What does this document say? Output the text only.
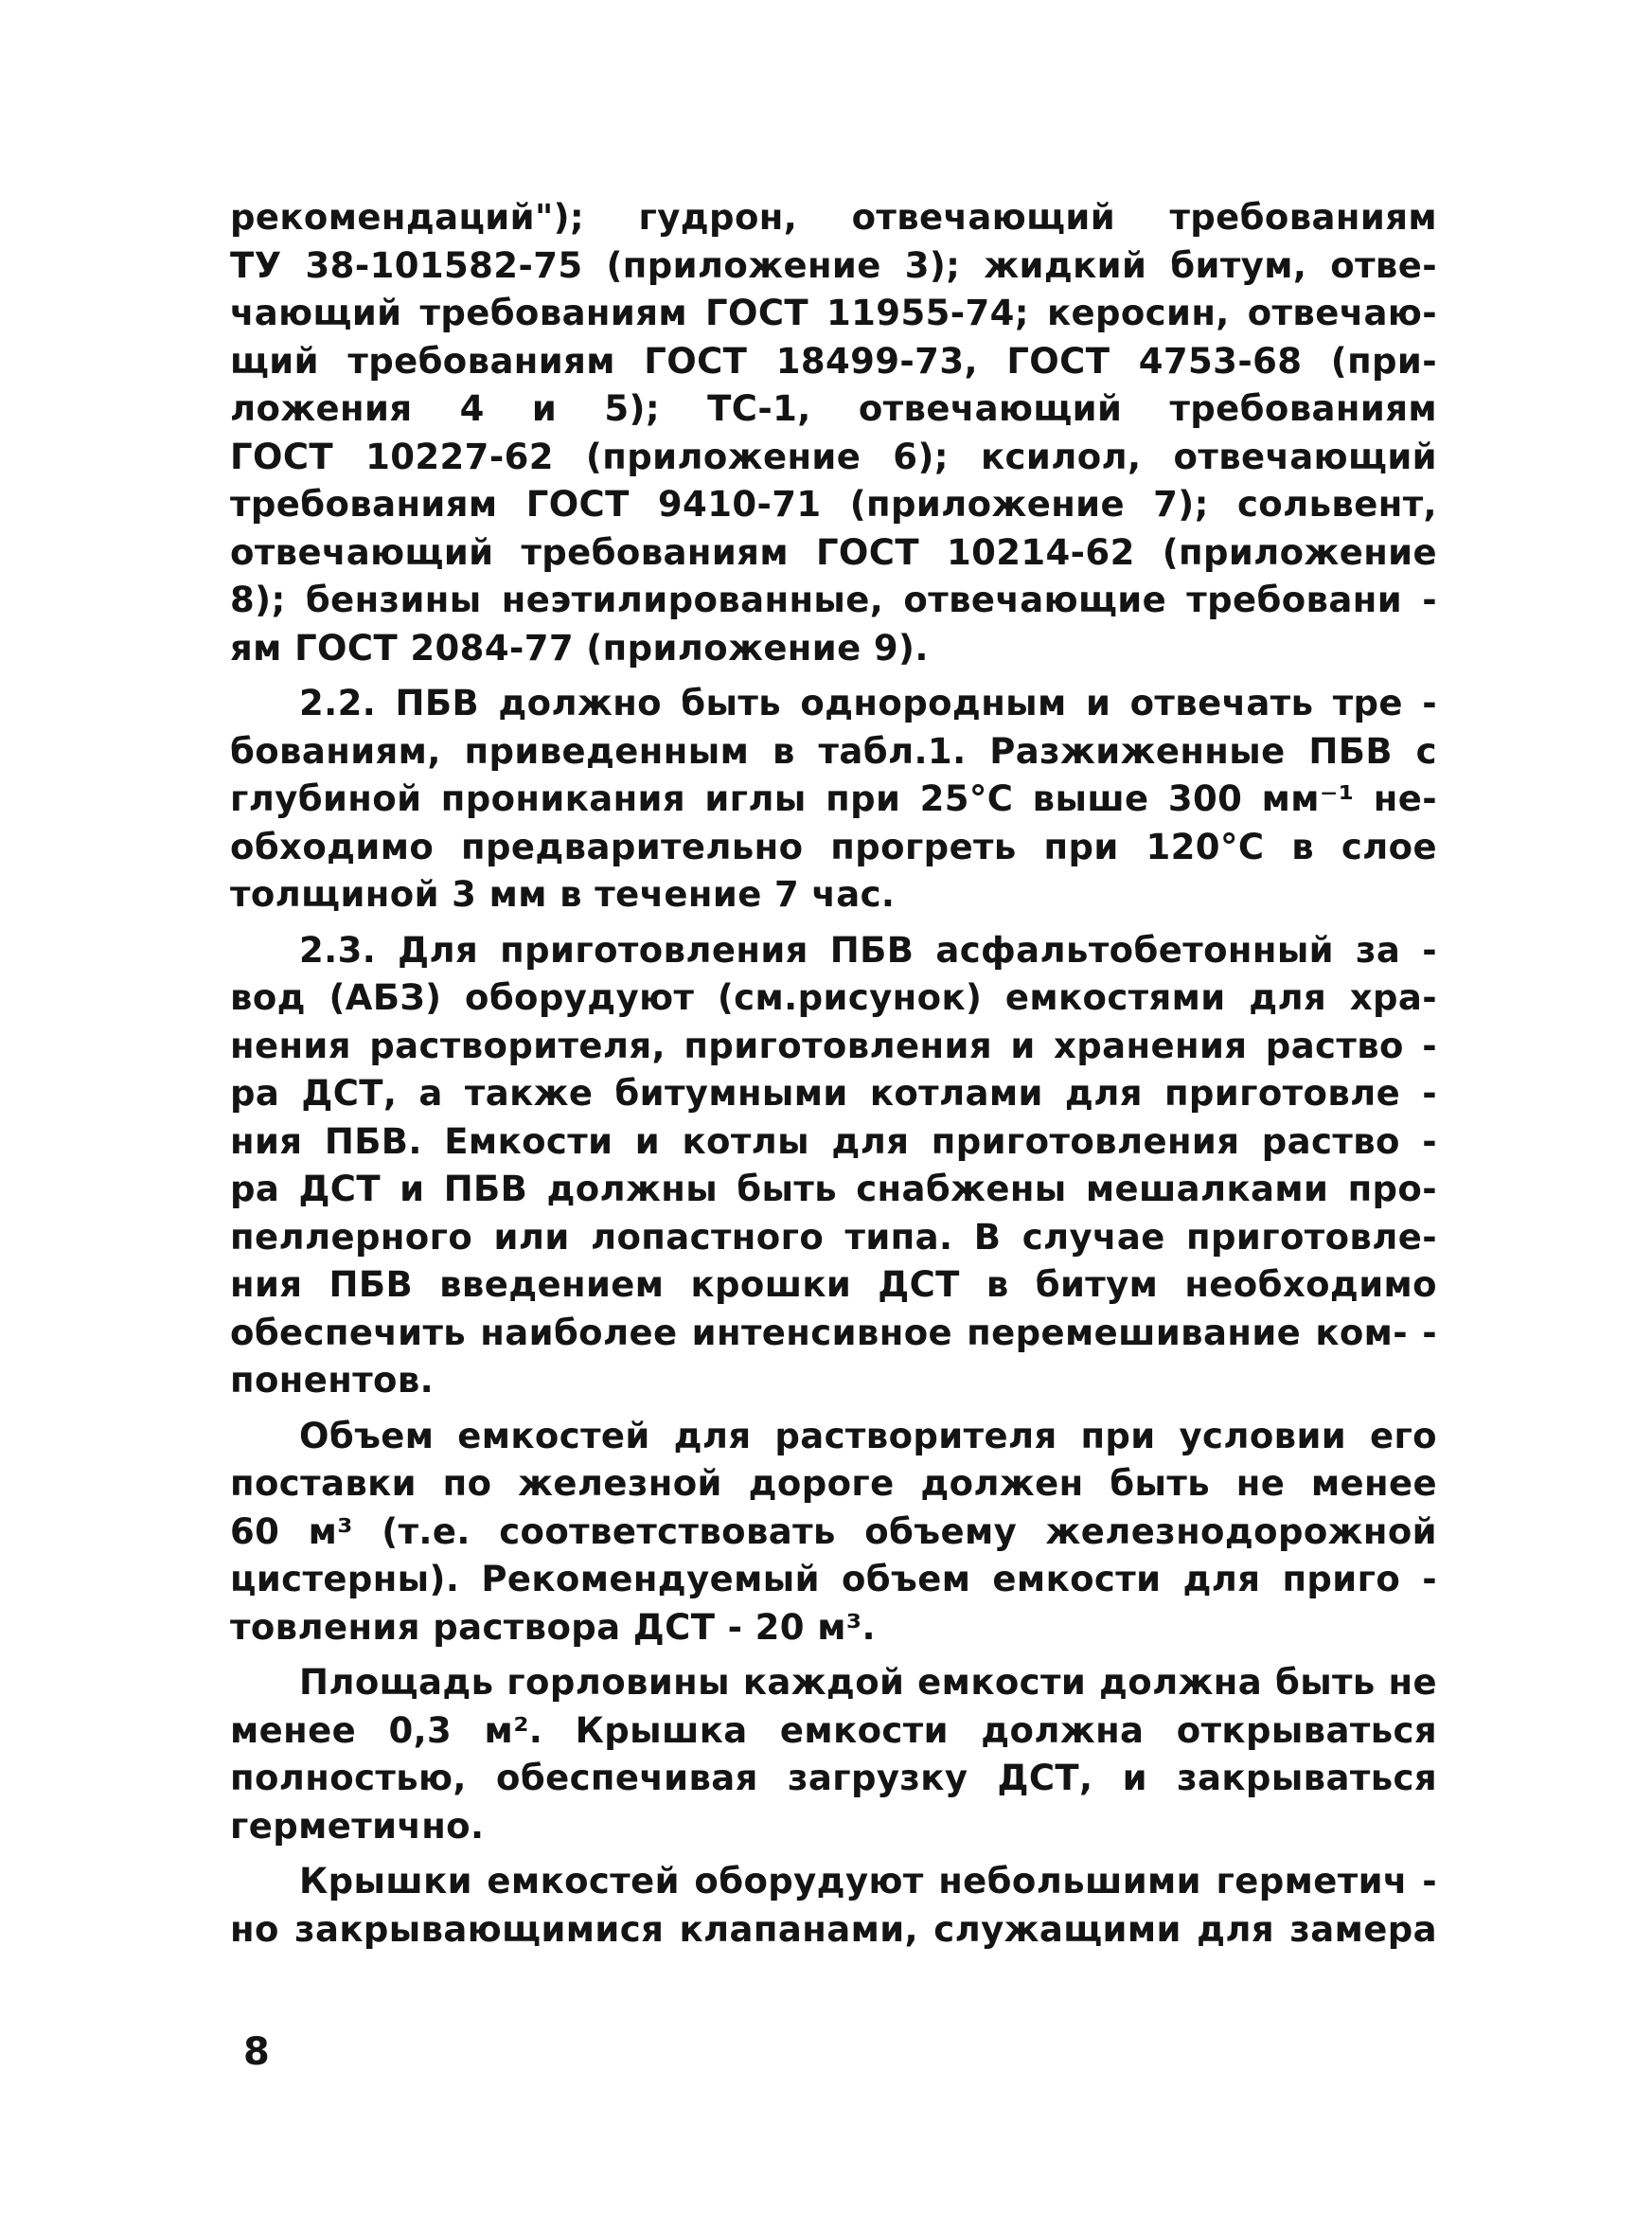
рекомендаций"); гудрон, отвечающий требованиям
ТУ 38-101582-75 (приложение 3); жидкий битум, отве-
чающий требованиям ГОСТ 11955-74; керосин, отвечаю-
щий требованиям ГОСТ 18499-73, ГОСТ 4753-68 (при-
ложения 4 и 5); ТС-1, отвечающий требованиям
ГОСТ 10227-62 (приложение 6); ксилол, отвечающий
требованиям ГОСТ 9410-71 (приложение 7); сольвент,
отвечающий требованиям ГОСТ 10214-62 (приложение
8); бензины неэтилированные, отвечающие требовани -
ям ГОСТ 2084-77 (приложение 9).
2.2. ПБВ должно быть однородным и отвечать тре -
бованиям, приведенным в табл.1. Разжиженные ПБВ с
глубиной проникания иглы при 25°С выше 300 мм⁻¹ не-
обходимо предварительно прогреть при 120°С в слое
толщиной 3 мм в течение 7 час.
2.3. Для приготовления ПБВ асфальтобетонный за -
вод (АБЗ) оборудуют (см.рисунок) емкостями для хра-
нения растворителя, приготовления и хранения раство -
ра ДСТ, а также битумными котлами для приготовле -
ния ПБВ. Емкости и котлы для приготовления раство -
ра ДСТ и ПБВ должны быть снабжены мешалками про-
пеллерного или лопастного типа. В случае приготовле-
ния ПБВ введением крошки ДСТ в битум необходимо
обеспечить наиболее интенсивное перемешивание ком- -
понентов.
Объем емкостей для растворителя при условии его
поставки по железной дороге должен быть не менее
60 м³ (т.е. соответствовать объему железнодорожной
цистерны). Рекомендуемый объем емкости для приго -
товления раствора ДСТ - 20 м³.
Площадь горловины каждой емкости должна быть не
менее 0,3 м². Крышка емкости должна открываться
полностью, обеспечивая загрузку ДСТ, и закрываться
герметично.
Крышки емкостей оборудуют небольшими герметич -
но закрывающимися клапанами, служащими для замера
8
